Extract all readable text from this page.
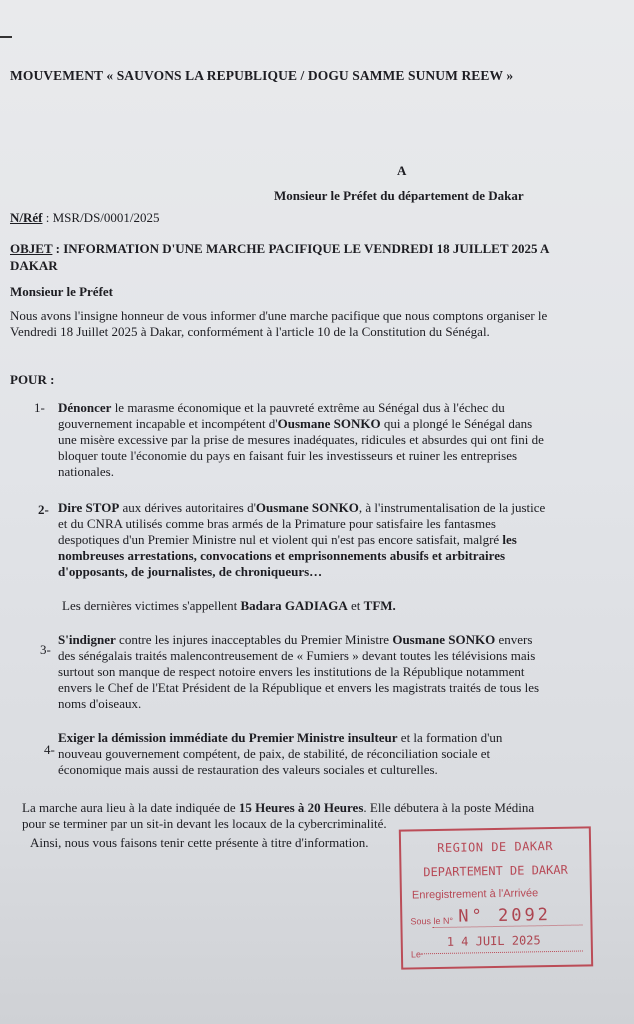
MOUVEMENT « SAUVONS LA REPUBLIQUE / DOGU SAMME SUNUM REEW »
A
Monsieur le Préfet du département de Dakar
N/Réf : MSR/DS/0001/2025
OBJET : INFORMATION D'UNE MARCHE PACIFIQUE LE VENDREDI 18 JUILLET 2025 A DAKAR
Monsieur le Préfet
Nous avons l'insigne honneur de vous informer d'une marche pacifique que nous comptons organiser le Vendredi 18 Juillet 2025 à Dakar, conformément à l'article 10 de la Constitution du Sénégal.
POUR :
1- Dénoncer le marasme économique et la pauvreté extrême au Sénégal dus à l'échec du gouvernement incapable et incompétent d'Ousmane SONKO qui a plongé le Sénégal dans une misère excessive par la prise de mesures inadéquates, ridicules et absurdes qui ont fini de bloquer toute l'économie du pays en faisant fuir les investisseurs et ruiner les entreprises nationales.
2- Dire STOP aux dérives autoritaires d'Ousmane SONKO, à l'instrumentalisation de la justice et du CNRA utilisés comme bras armés de la Primature pour satisfaire les fantasmes despotiques d'un Premier Ministre nul et violent qui n'est pas encore satisfait, malgré les nombreuses arrestations, convocations et emprisonnements abusifs et arbitraires d'opposants, de journalistes, de chroniqueurs…
Les dernières victimes s'appellent Badara GADIAGA et TFM.
3-
S'indigner contre les injures inacceptables du Premier Ministre Ousmane SONKO envers des sénégalais traités malencontreusement de « Fumiers » devant toutes les télévisions mais surtout son manque de respect notoire envers les institutions de la République notamment envers le Chef de l'Etat Président de la République et envers les magistrats traités de tous les noms d'oiseaux.
4-
Exiger la démission immédiate du Premier Ministre insulteur et la formation d'un nouveau gouvernement compétent, de paix, de stabilité, de réconciliation sociale et économique mais aussi de restauration des valeurs sociales et culturelles.
La marche aura lieu à la date indiquée de 15 Heures à 20 Heures. Elle débutera à la poste Médina pour se terminer par un sit-in devant les locaux de la cybercriminalité.
Ainsi, nous vous faisons tenir cette présente à titre d'information.	REGION DE DAKAR
DEPARTEMENT DE DAKAR
Enregistrement à l'Arrivée
Sous le N° N° 2092
Le
1 4 JUIL 2025
